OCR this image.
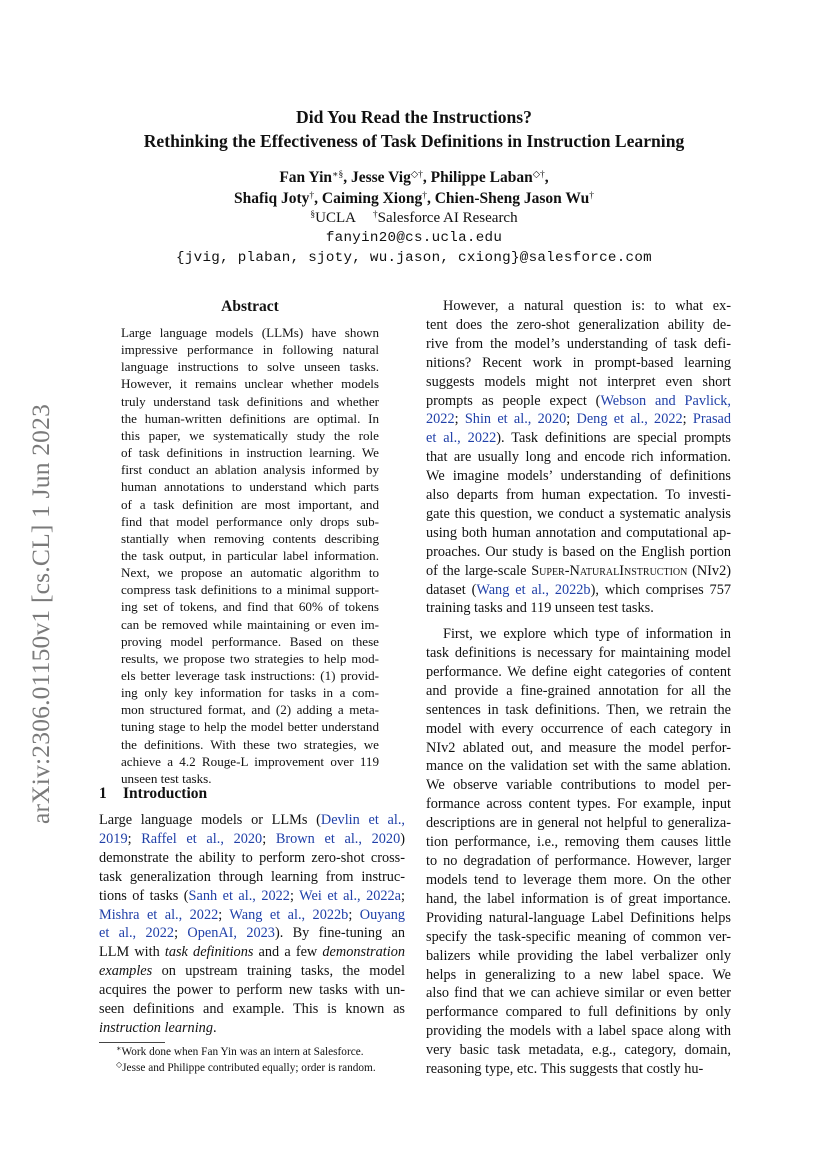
arXiv:2306.01150v1 [cs.CL] 1 Jun 2023
Did You Read the Instructions?
Rethinking the Effectiveness of Task Definitions in Instruction Learning
Fan Yin∗§, Jesse Vig◇†, Philippe Laban◇†,
Shafiq Joty†, Caiming Xiong†, Chien-Sheng Jason Wu†
§UCLA †Salesforce AI Research
fanyin20@cs.ucla.edu
{jvig, plaban, sjoty, wu.jason, cxiong}@salesforce.com
Abstract
Large language models (LLMs) have shown
impressive performance in following natural
language instructions to solve unseen tasks.
However, it remains unclear whether models
truly understand task definitions and whether
the human-written definitions are optimal. In
this paper, we systematically study the role
of task definitions in instruction learning. We
first conduct an ablation analysis informed by
human annotations to understand which parts
of a task definition are most important, and
find that model performance only drops sub-
stantially when removing contents describing
the task output, in particular label information.
Next, we propose an automatic algorithm to
compress task definitions to a minimal support-
ing set of tokens, and find that 60% of tokens
can be removed while maintaining or even im-
proving model performance. Based on these
results, we propose two strategies to help mod-
els better leverage task instructions: (1) provid-
ing only key information for tasks in a com-
mon structured format, and (2) adding a meta-
tuning stage to help the model better understand
the definitions. With these two strategies, we
achieve a 4.2 Rouge-L improvement over 119
unseen test tasks.
1 Introduction
Large language models or LLMs (Devlin et al.,
2019; Raffel et al., 2020; Brown et al., 2020)
demonstrate the ability to perform zero-shot cross-
task generalization through learning from instruc-
tions of tasks (Sanh et al., 2022; Wei et al., 2022a;
Mishra et al., 2022; Wang et al., 2022b; Ouyang
et al., 2022; OpenAI, 2023). By fine-tuning an
LLM with task definitions and a few demonstration
examples on upstream training tasks, the model
acquires the power to perform new tasks with un-
seen definitions and example. This is known as
instruction learning.
∗Work done when Fan Yin was an intern at Salesforce.
◇Jesse and Philippe contributed equally; order is random.
However, a natural question is: to what ex-
tent does the zero-shot generalization ability de-
rive from the model’s understanding of task defi-
nitions? Recent work in prompt-based learning
suggests models might not interpret even short
prompts as people expect (Webson and Pavlick,
2022; Shin et al., 2020; Deng et al., 2022; Prasad
et al., 2022). Task definitions are special prompts
that are usually long and encode rich information.
We imagine models’ understanding of definitions
also departs from human expectation. To investi-
gate this question, we conduct a systematic analysis
using both human annotation and computational ap-
proaches. Our study is based on the English portion
of the large-scale Super-NaturalInstruction (NIv2)
dataset (Wang et al., 2022b), which comprises 757
training tasks and 119 unseen test tasks.
First, we explore which type of information in
task definitions is necessary for maintaining model
performance. We define eight categories of content
and provide a fine-grained annotation for all the
sentences in task definitions. Then, we retrain the
model with every occurrence of each category in
NIv2 ablated out, and measure the model perfor-
mance on the validation set with the same ablation.
We observe variable contributions to model per-
formance across content types. For example, input
descriptions are in general not helpful to generaliza-
tion performance, i.e., removing them causes little
to no degradation of performance. However, larger
models tend to leverage them more. On the other
hand, the label information is of great importance.
Providing natural-language Label Definitions helps
specify the task-specific meaning of common ver-
balizers while providing the label verbalizer only
helps in generalizing to a new label space. We
also find that we can achieve similar or even better
performance compared to full definitions by only
providing the models with a label space along with
very basic task metadata, e.g., category, domain,
reasoning type, etc. This suggests that costly hu-
